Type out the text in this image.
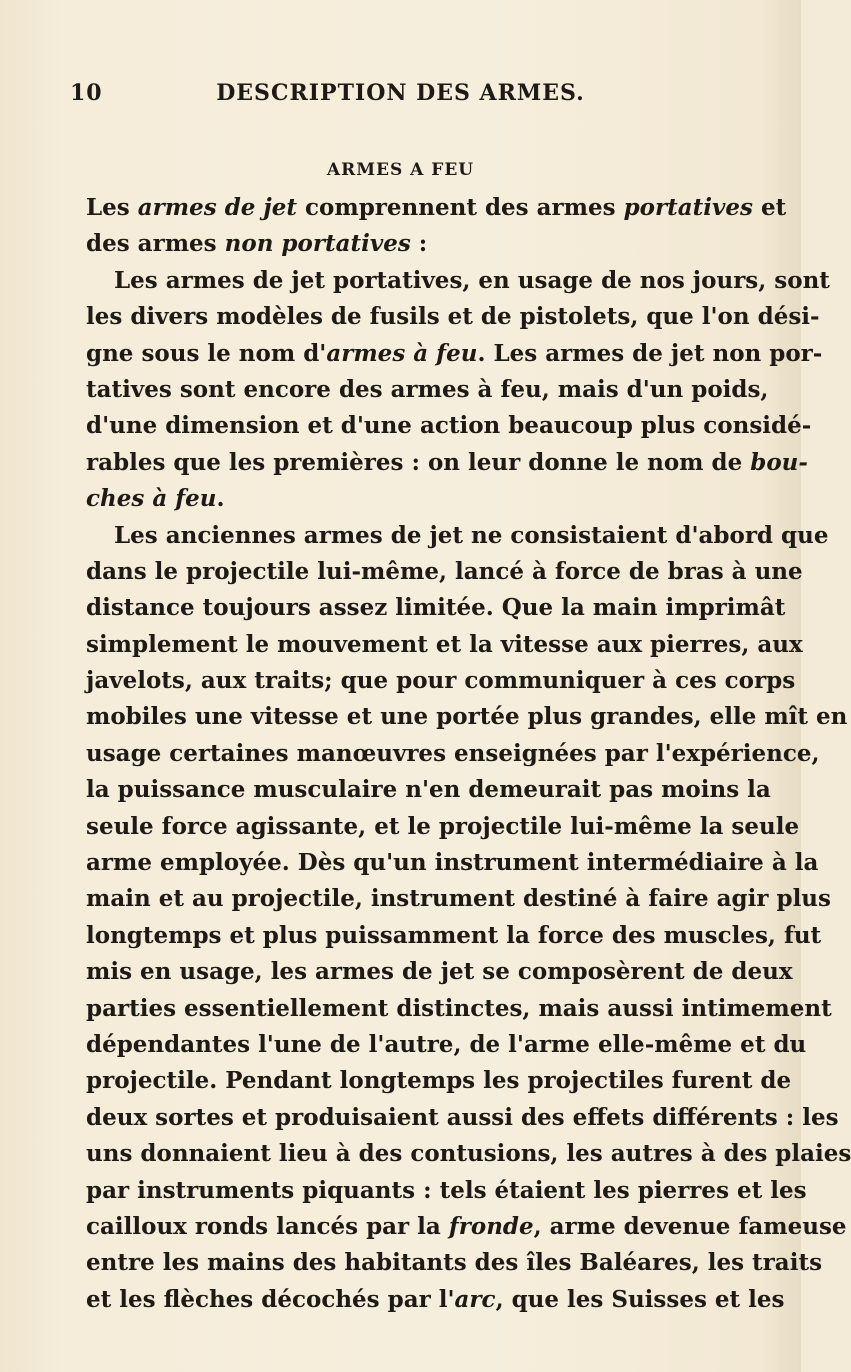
10	DESCRIPTION DES ARMES.
ARMES A FEU
Les armes de jet comprennent des armes portatives et
des armes non portatives :
Les armes de jet portatives, en usage de nos jours, sont
les divers modèles de fusils et de pistolets, que l'on dési-
gne sous le nom d'armes à feu. Les armes de jet non por-
tatives sont encore des armes à feu, mais d'un poids,
d'une dimension et d'une action beaucoup plus considé-
rables que les premières : on leur donne le nom de bou-
ches à feu.
Les anciennes armes de jet ne consistaient d'abord que
dans le projectile lui-même, lancé à force de bras à une
distance toujours assez limitée. Que la main imprimât
simplement le mouvement et la vitesse aux pierres, aux
javelots, aux traits; que pour communiquer à ces corps
mobiles une vitesse et une portée plus grandes, elle mît en
usage certaines manœuvres enseignées par l'expérience,
la puissance musculaire n'en demeurait pas moins la
seule force agissante, et le projectile lui-même la seule
arme employée. Dès qu'un instrument intermédiaire à la
main et au projectile, instrument destiné à faire agir plus
longtemps et plus puissamment la force des muscles, fut
mis en usage, les armes de jet se composèrent de deux
parties essentiellement distinctes, mais aussi intimement
dépendantes l'une de l'autre, de l'arme elle-même et du
projectile. Pendant longtemps les projectiles furent de
deux sortes et produisaient aussi des effets différents : les
uns donnaient lieu à des contusions, les autres à des plaies
par instruments piquants : tels étaient les pierres et les
cailloux ronds lancés par la fronde, arme devenue fameuse
entre les mains des habitants des îles Baléares, les traits
et les flèches décochés par l'arc, que les Suisses et les
